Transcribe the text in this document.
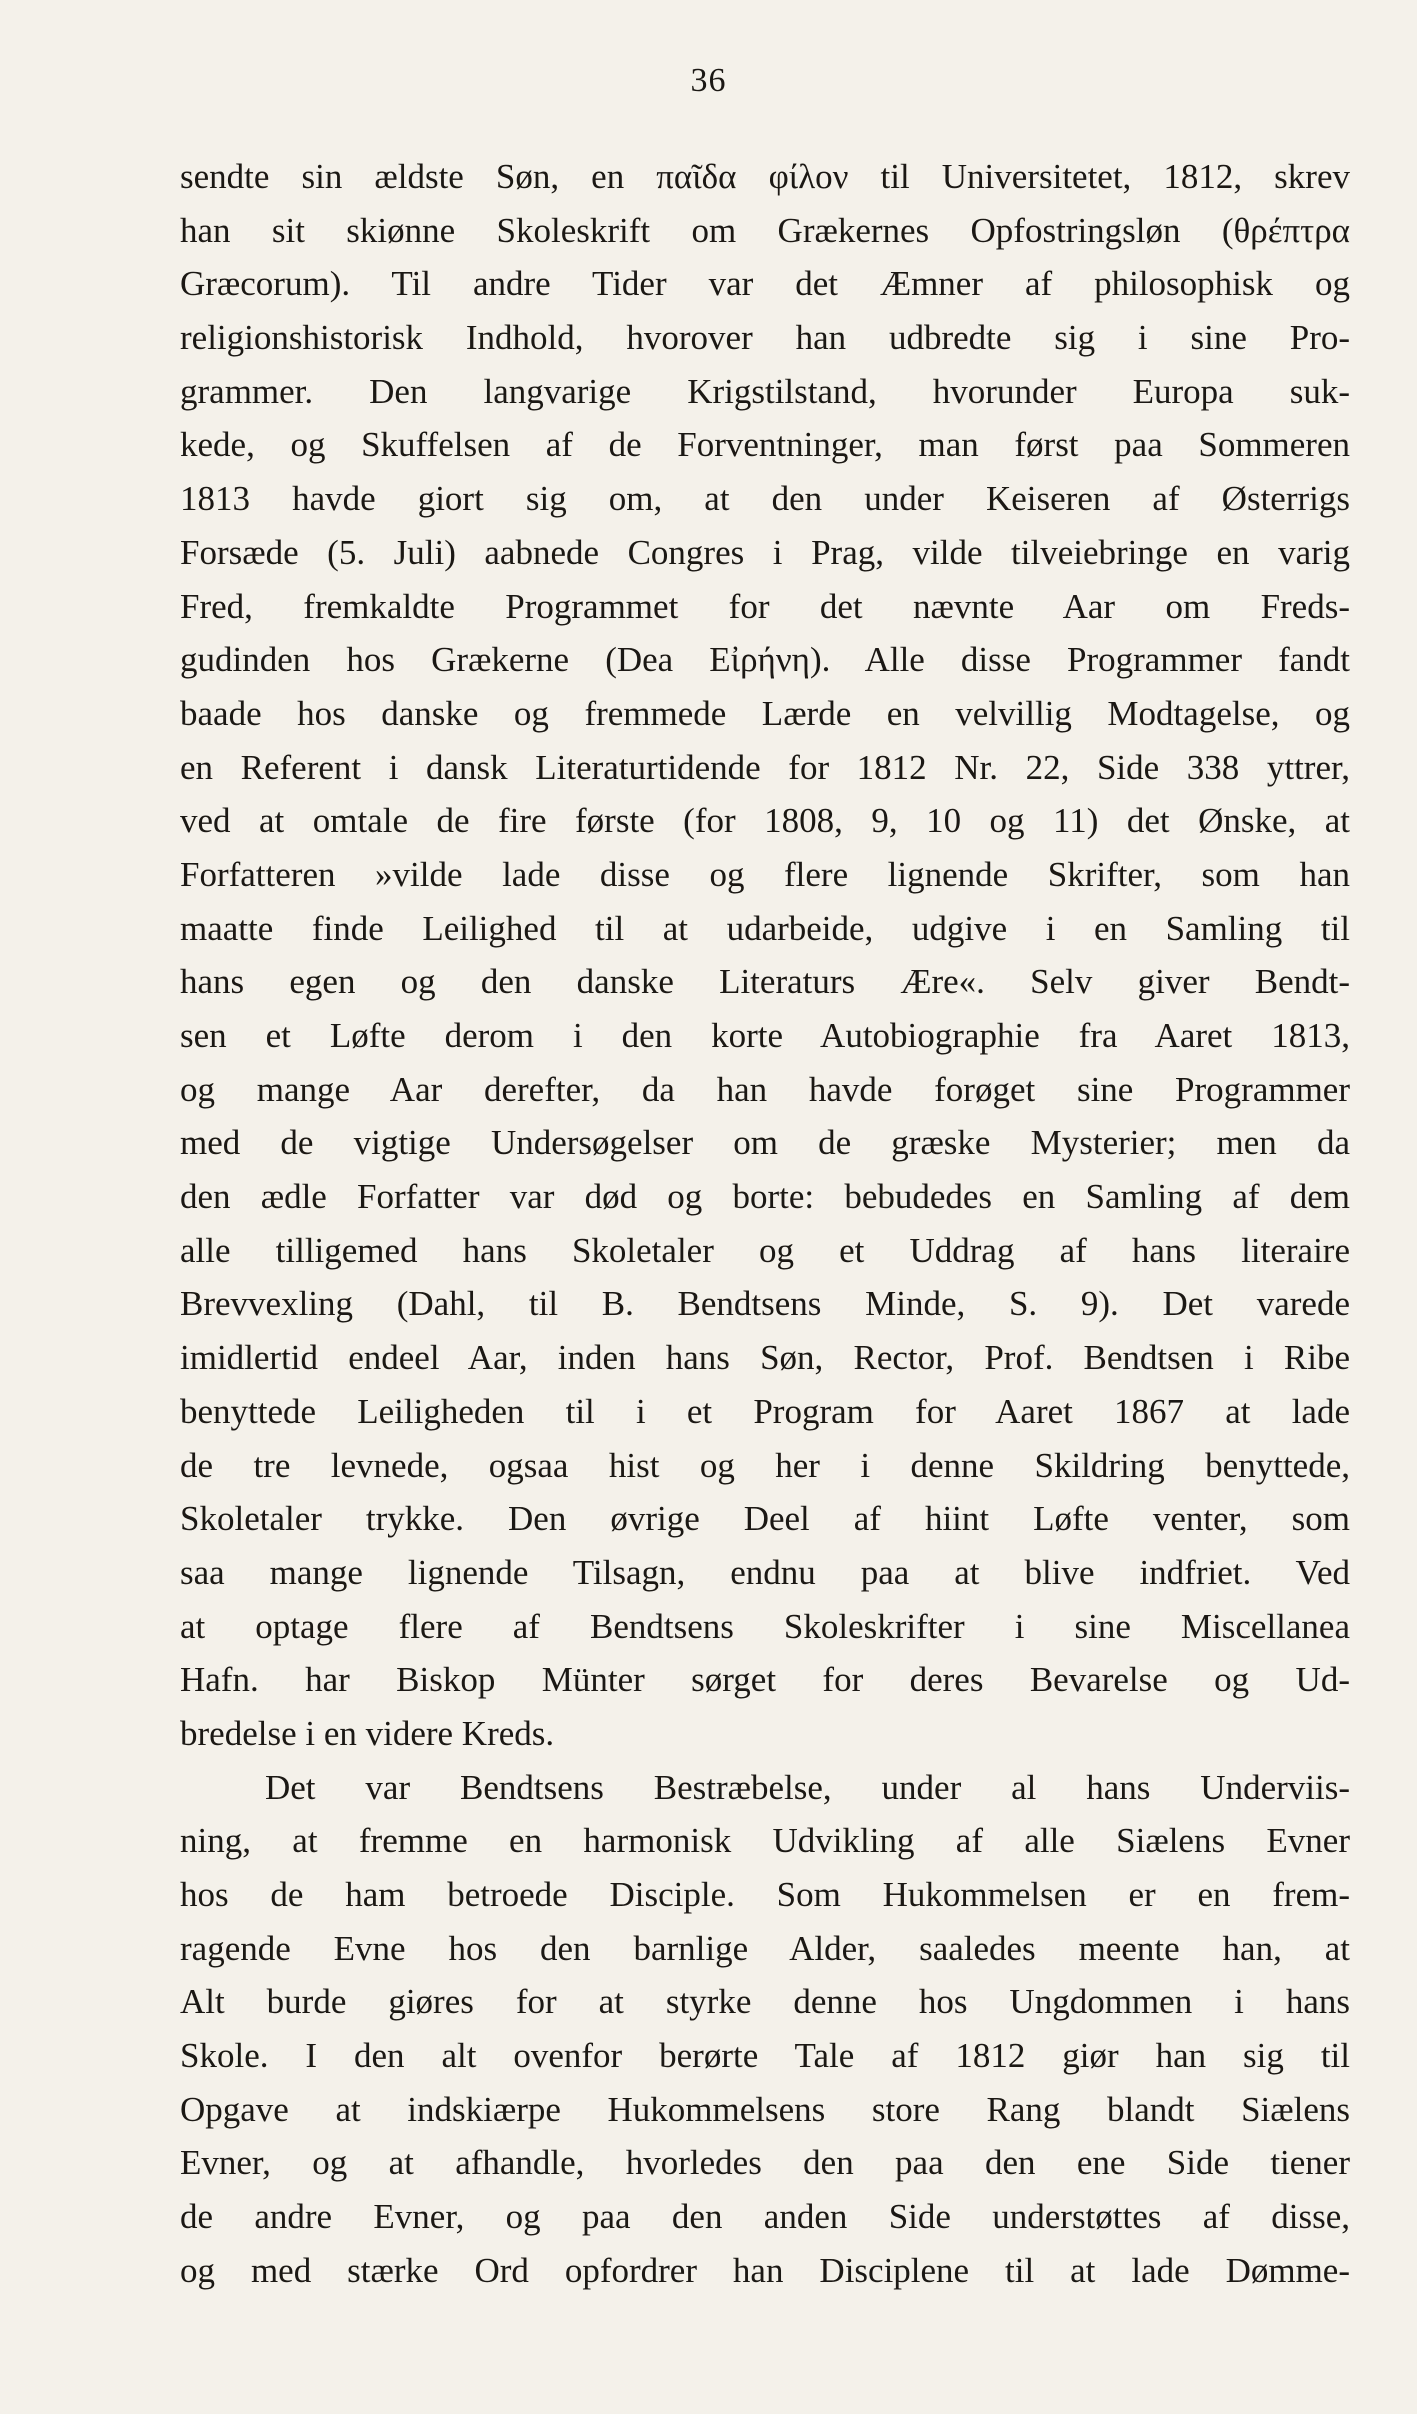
36
sendte sin ældste Søn, en παῖδα φίλον til Universitetet, 1812, skrev
han sit skiønne Skoleskrift om Grækernes Opfostringsløn (θρέπτρα
Græcorum). Til andre Tider var det Æmner af philosophisk og
religionshistorisk Indhold, hvorover han udbredte sig i sine Pro-
grammer. Den langvarige Krigstilstand, hvorunder Europa suk-
kede, og Skuffelsen af de Forventninger, man først paa Sommeren
1813 havde giort sig om, at den under Keiseren af Østerrigs
Forsæde (5. Juli) aabnede Congres i Prag, vilde tilveiebringe en varig
Fred, fremkaldte Programmet for det nævnte Aar om Freds-
gudinden hos Grækerne (Dea Εἰρήνη). Alle disse Programmer fandt
baade hos danske og fremmede Lærde en velvillig Modtagelse, og
en Referent i dansk Literaturtidende for 1812 Nr. 22, Side 338 yttrer,
ved at omtale de fire første (for 1808, 9, 10 og 11) det Ønske, at
Forfatteren »vilde lade disse og flere lignende Skrifter, som han
maatte finde Leilighed til at udarbeide, udgive i en Samling til
hans egen og den danske Literaturs Ære«. Selv giver Bendt-
sen et Løfte derom i den korte Autobiographie fra Aaret 1813,
og mange Aar derefter, da han havde forøget sine Programmer
med de vigtige Undersøgelser om de græske Mysterier; men da
den ædle Forfatter var død og borte: bebudedes en Samling af dem
alle tilligemed hans Skoletaler og et Uddrag af hans literaire
Brevvexling (Dahl, til B. Bendtsens Minde, S. 9). Det varede
imidlertid endeel Aar, inden hans Søn, Rector, Prof. Bendtsen i Ribe
benyttede Leiligheden til i et Program for Aaret 1867 at lade
de tre levnede, ogsaa hist og her i denne Skildring benyttede,
Skoletaler trykke. Den øvrige Deel af hiint Løfte venter, som
saa mange lignende Tilsagn, endnu paa at blive indfriet. Ved
at optage flere af Bendtsens Skoleskrifter i sine Miscellanea
Hafn. har Biskop Münter sørget for deres Bevarelse og Ud-
bredelse i en videre Kreds.
Det var Bendtsens Bestræbelse, under al hans Underviis-
ning, at fremme en harmonisk Udvikling af alle Siælens Evner
hos de ham betroede Disciple. Som Hukommelsen er en frem-
ragende Evne hos den barnlige Alder, saaledes meente han, at
Alt burde giøres for at styrke denne hos Ungdommen i hans
Skole. I den alt ovenfor berørte Tale af 1812 giør han sig til
Opgave at indskiærpe Hukommelsens store Rang blandt Siælens
Evner, og at afhandle, hvorledes den paa den ene Side tiener
de andre Evner, og paa den anden Side understøttes af disse,
og med stærke Ord opfordrer han Disciplene til at lade Dømme-
